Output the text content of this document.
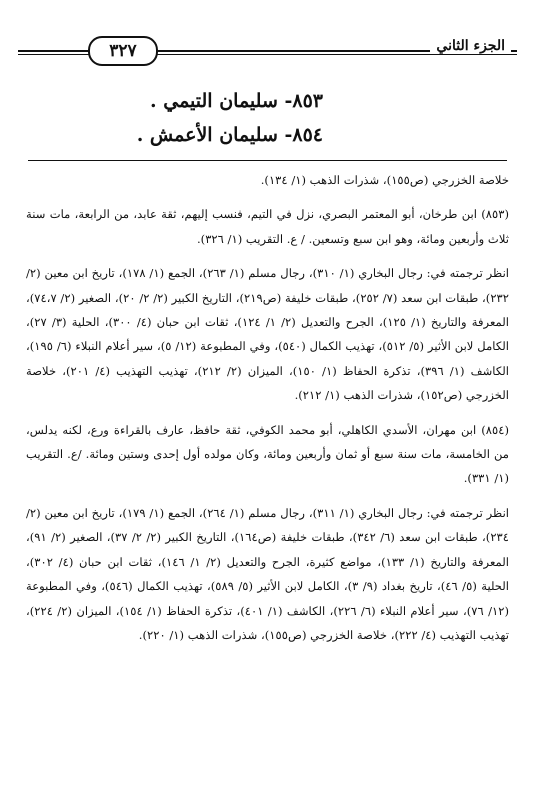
الجزء الثاني
٣٢٧
٨٥٣- سليمان التيمي .
٨٥٤- سليمان الأعمش .

خلاصة الخزرجي (ص١٥٥)، شذرات الذهب (١/ ١٣٤).

(٨٥٣) ابن طرخان، أبو المعتمر البصري، نزل في التيم، فنسب إليهم، ثقة عابد، من الرابعة، مات سنة ثلاث وأربعين ومائة، وهو ابن سبع وتسعين. / ع. التقريب (١/ ٣٢٦).

انظر ترجمته في: رجال البخاري (١/ ٣١٠)، رجال مسلم (١/ ٢٦٣)، الجمع (١/ ١٧٨)، تاريخ ابن معين (٢/ ٢٣٢)، طبقات ابن سعد (٧/ ٢٥٢)، طبقات خليفة (ص٢١٩)، التاريخ الكبير (٢/ ٢/ ٢٠)، الصغير (٢/ ٧٤،٧)، المعرفة والتاريخ (١/ ١٢٥)، الجرح والتعديل (٢/ ١/ ١٢٤)، ثقات ابن حبان (٤/ ٣٠٠)، الحلية (٣/ ٢٧)، الكامل لابن الأثير (٥/ ٥١٢)، تهذيب الكمال (٥٤٠)، وفي المطبوعة (١٢/ ٥)، سير أعلام النبلاء (٦/ ١٩٥)، الكاشف (١/ ٣٩٦)، تذكرة الحفاظ (١/ ١٥٠)، الميزان (٢/ ٢١٢)، تهذيب التهذيب (٤/ ٢٠١)، خلاصة الخزرجي (ص١٥٢)، شذرات الذهب (١/ ٢١٢).

(٨٥٤) ابن مهران، الأسدي الكاهلي، أبو محمد الكوفي، ثقة حافظ، عارف بالقراءة ورع، لكنه يدلس، من الخامسة، مات سنة سبع أو ثمان وأربعين ومائة، وكان مولده أول إحدى وستين ومائة. /ع. التقريب (١/ ٣٣١).

انظر ترجمته في: رجال البخاري (١/ ٣١١)، رجال مسلم (١/ ٢٦٤)، الجمع (١/ ١٧٩)، تاريخ ابن معين (٢/ ٢٣٤)، طبقات ابن سعد (٦/ ٣٤٢)، طبقات خليفة (ص١٦٤)، التاريخ الكبير (٢/ ٢/ ٣٧)، الصغير (٢/ ٩١)، المعرفة والتاريخ (١/ ١٣٣)، مواضع كثيرة، الجرح والتعديل (٢/ ١/ ١٤٦)، ثقات ابن حبان (٤/ ٣٠٢)، الحلية (٥/ ٤٦)، تاريخ بغداد (٩/ ٣)، الكامل لابن الأثير (٥/ ٥٨٩)، تهذيب الكمال (٥٤٦)، وفي المطبوعة (١٢/ ٧٦)، سير أعلام النبلاء (٦/ ٢٢٦)، الكاشف (١/ ٤٠١)، تذكرة الحفاظ (١/ ١٥٤)، الميزان (٢/ ٢٢٤)، تهذيب التهذيب (٤/ ٢٢٢)، خلاصة الخزرجي (ص١٥٥)، شذرات الذهب (١/ ٢٢٠).
